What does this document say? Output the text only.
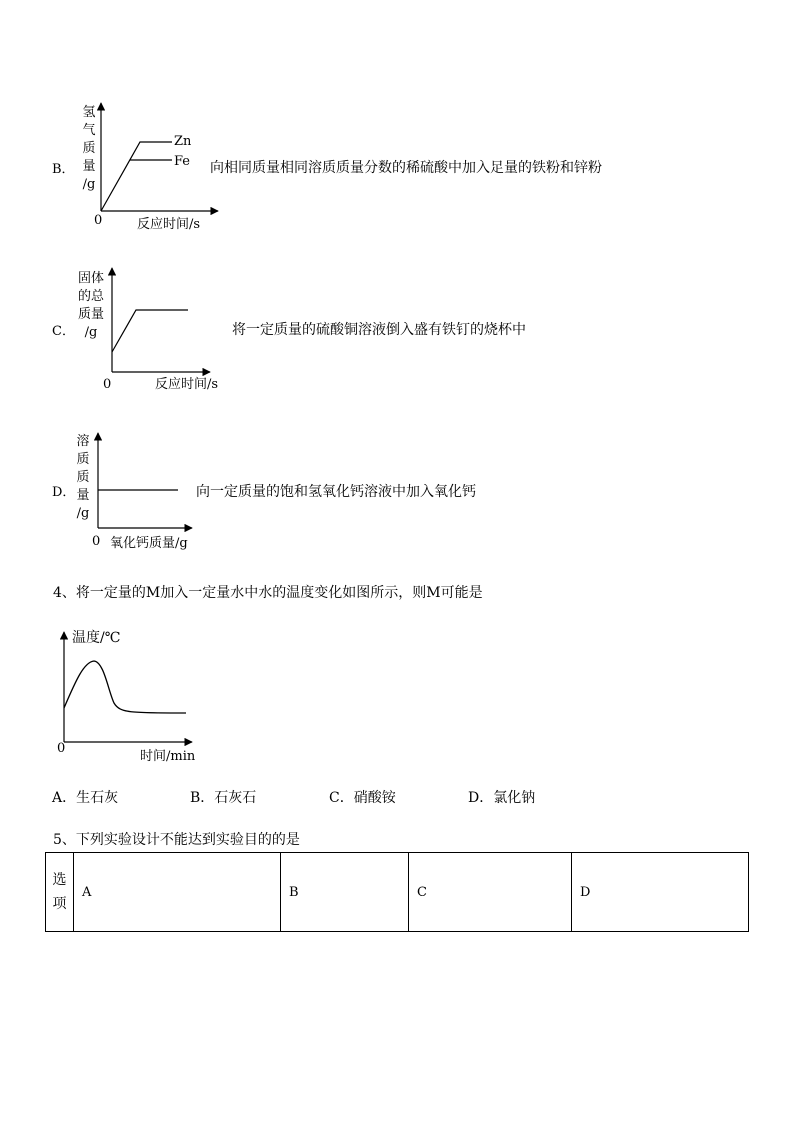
B．
氢
气
质
量
/g
Zn
Fe
0	反应时间/s
向相同质量相同溶质质量分数的稀硫酸中加入足量的铁粉和锌粉
C．
固体
的总
质量
/g
0	反应时间/s
将一定质量的硫酸铜溶液倒入盛有铁钉的烧杯中
D．
溶
质
质
量
/g
0 氧化钙质量/g
向一定质量的饱和氢氧化钙溶液中加入氧化钙
4、将一定量的M加入一定量水中水的温度变化如图所示，则M可能是
温度/℃
0
时间/min
A．生石灰	B．石灰石	C．硝酸铵	D．氯化钠
5、下列实验设计不能达到实验目的的是
选
项
	A	B	C	D
